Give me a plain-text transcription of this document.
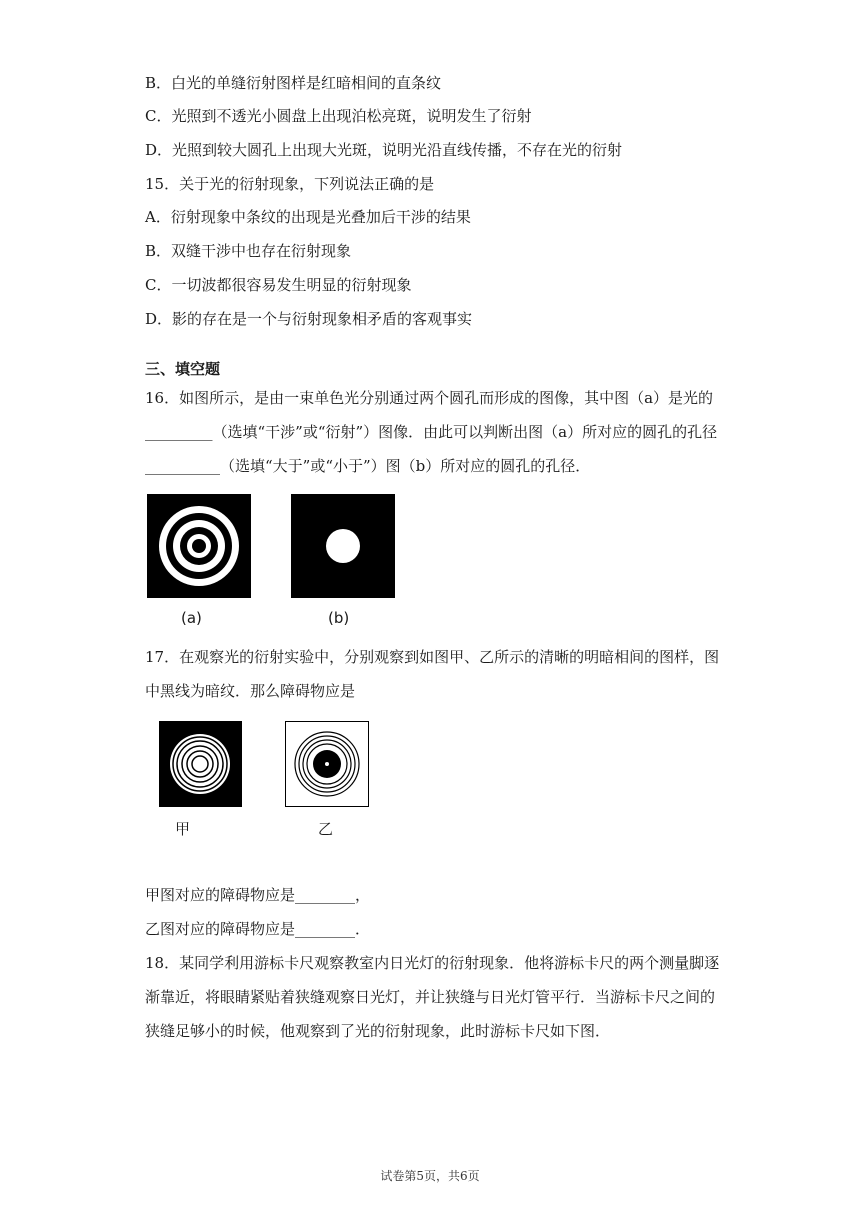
B．白光的单缝衍射图样是红暗相间的直条纹
C．光照到不透光小圆盘上出现泊松亮斑，说明发生了衍射
D．光照到较大圆孔上出现大光斑，说明光沿直线传播，不存在光的衍射
15．关于光的衍射现象，下列说法正确的是
A．衍射现象中条纹的出现是光叠加后干涉的结果
B．双缝干涉中也存在衍射现象
C．一切波都很容易发生明显的衍射现象
D．影的存在是一个与衍射现象相矛盾的客观事实
三、填空题
16．如图所示，是由一束单色光分别通过两个圆孔而形成的图像，其中图（a）是光的
_________（选填“干涉”或“衍射”）图像．由此可以判断出图（a）所对应的圆孔的孔径
__________（选填“大于”或“小于”）图（b）所对应的圆孔的孔径．
(a)	(b)
17．在观察光的衍射实验中，分别观察到如图甲、乙所示的清晰的明暗相间的图样，图
中黑线为暗纹．那么障碍物应是
甲	乙
甲图对应的障碍物应是________，
乙图对应的障碍物应是________．
18．某同学利用游标卡尺观察教室内日光灯的衍射现象．他将游标卡尺的两个测量脚逐
渐靠近，将眼睛紧贴着狭缝观察日光灯，并让狭缝与日光灯管平行．当游标卡尺之间的
狭缝足够小的时候，他观察到了光的衍射现象，此时游标卡尺如下图．
试卷第5页，共6页
